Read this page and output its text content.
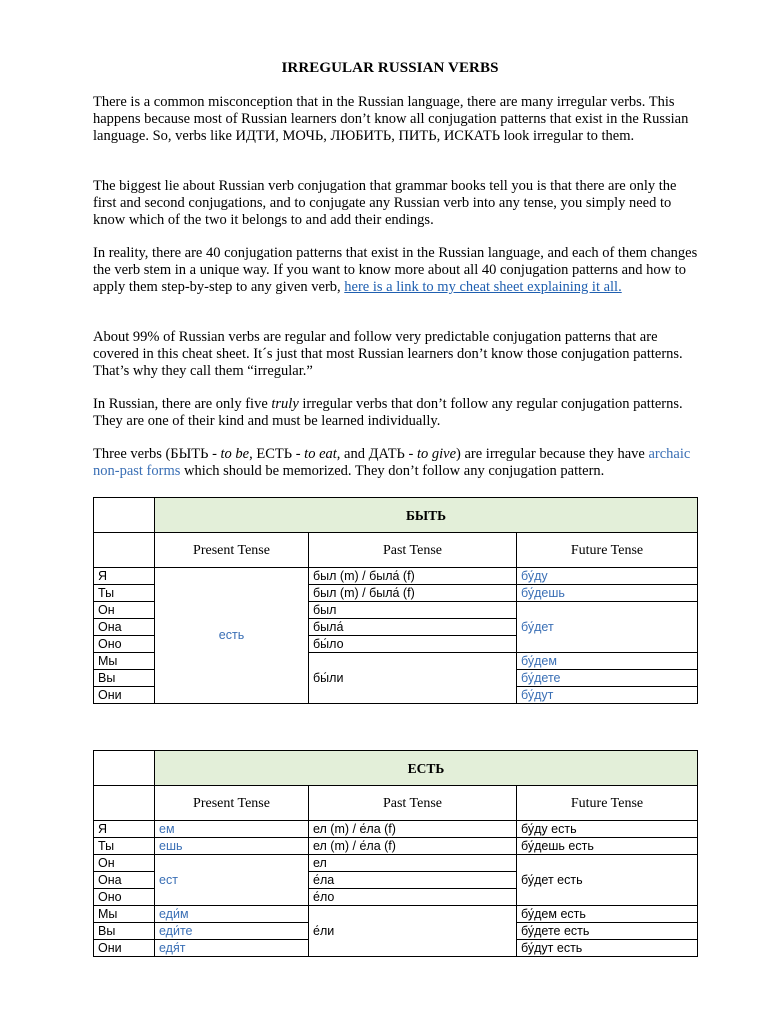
IRREGULAR RUSSIAN VERBS

There is a common misconception that in the Russian language, there are many irregular verbs. This happens because most of Russian learners don’t know all conjugation patterns that exist in the Russian language. So, verbs like ИДТИ, МОЧЬ, ЛЮБИТЬ, ПИТЬ, ИСКАТЬ look irregular to them.

The biggest lie about Russian verb conjugation that grammar books tell you is that there are only the first and second conjugations, and to conjugate any Russian verb into any tense, you simply need to know which of the two it belongs to and add their endings.

In reality, there are 40 conjugation patterns that exist in the Russian language, and each of them changes the verb stem in a unique way. If you want to know more about all 40 conjugation patterns and how to apply them step-by-step to any given verb, here is a link to my cheat sheet explaining it all.

About 99% of Russian verbs are regular and follow very predictable conjugation patterns that are covered in this cheat sheet. It´s just that most Russian learners don’t know those conjugation patterns. That’s why they call them “irregular.”

In Russian, there are only five truly irregular verbs that don’t follow any regular conjugation patterns. They are one of their kind and must be learned individually.

Three verbs (БЫТЬ - to be, ЕСТЬ - to eat, and ДАТЬ - to give) are irregular because they have archaic non-past forms which should be memorized. They don’t follow any conjugation pattern.

	БЫТЬ		
	Present Tense	Past Tense	Future Tense
Я	есть	был (m) / была́ (f)	бу́ду
Ты		был (m) / была́ (f)	бу́дешь
Он		был	бу́дет
Она		была́	
Оно		бы́ло	
Мы		бы́ли	бу́дем
Вы			бу́дете
Они			бу́дут
	ЕСТЬ		
	Present Tense	Past Tense	Future Tense
Я	ем	ел (m) / е́ла (f)	бу́ду есть
Ты	ешь	ел (m) / е́ла (f)	бу́дешь есть
Он	ест	ел	бу́дет есть
Она		е́ла	
Оно		е́ло	
Мы	еди́м	е́ли	бу́дем есть
Вы	еди́те		бу́дете есть
Они	едя́т		бу́дут есть
